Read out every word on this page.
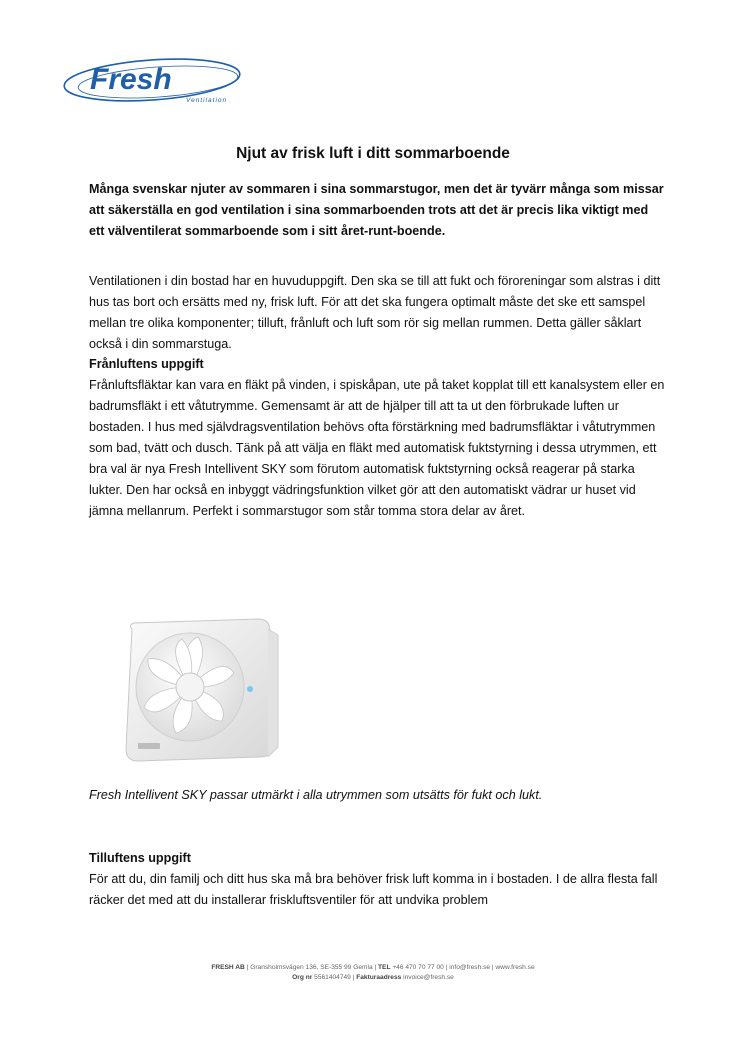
Fresh
Ventilation
Njut av frisk luft i ditt sommarboende

Många svenskar njuter av sommaren i sina sommarstugor, men det är tyvärr många som missar att säkerställa en god ventilation i sina sommarboenden trots att det är precis lika viktigt med ett välventilerat sommarboende som i sitt året-runt-boende.

Ventilationen i din bostad har en huvuduppgift. Den ska se till att fukt och föroreningar som alstras i ditt hus tas bort och ersätts med ny, frisk luft. För att det ska fungera optimalt måste det ske ett samspel mellan tre olika komponenter; tilluft, frånluft och luft som rör sig mellan rummen. Detta gäller såklart också i din sommarstuga.

Frånluftens uppgift

Frånluftsfläktar kan vara en fläkt på vinden, i spiskåpan, ute på taket kopplat till ett kanalsystem eller en badrumsfläkt i ett våtutrymme. Gemensamt är att de hjälper till att ta ut den förbrukade luften ur bostaden. I hus med självdragsventilation behövs ofta förstärkning med badrumsfläktar i våtutrymmen som bad, tvätt och dusch. Tänk på att välja en fläkt med automatisk fuktstyrning i dessa utrymmen, ett bra val är nya Fresh Intellivent SKY som förutom automatisk fuktstyrning också reagerar på starka lukter. Den har också en inbyggt vädringsfunktion vilket gör att den automatiskt vädrar ur huset vid jämna mellanrum. Perfekt i sommarstugor som står tomma stora delar av året.

Fresh Intellivent SKY passar utmärkt i alla utrymmen som utsätts för fukt och lukt.

Tilluftens uppgift

För att du, din familj och ditt hus ska må bra behöver frisk luft komma in i bostaden. I de allra flesta fall räcker det med att du installerar friskluftsventiler för att undvika problem

FRESH AB | Gransholmsvägen 136, SE-355 99 Gemla | TEL +46 470 70 77 00 | info@fresh.se | www.fresh.se
Org nr 5561404749 | Fakturaadress invoice@fresh.se
